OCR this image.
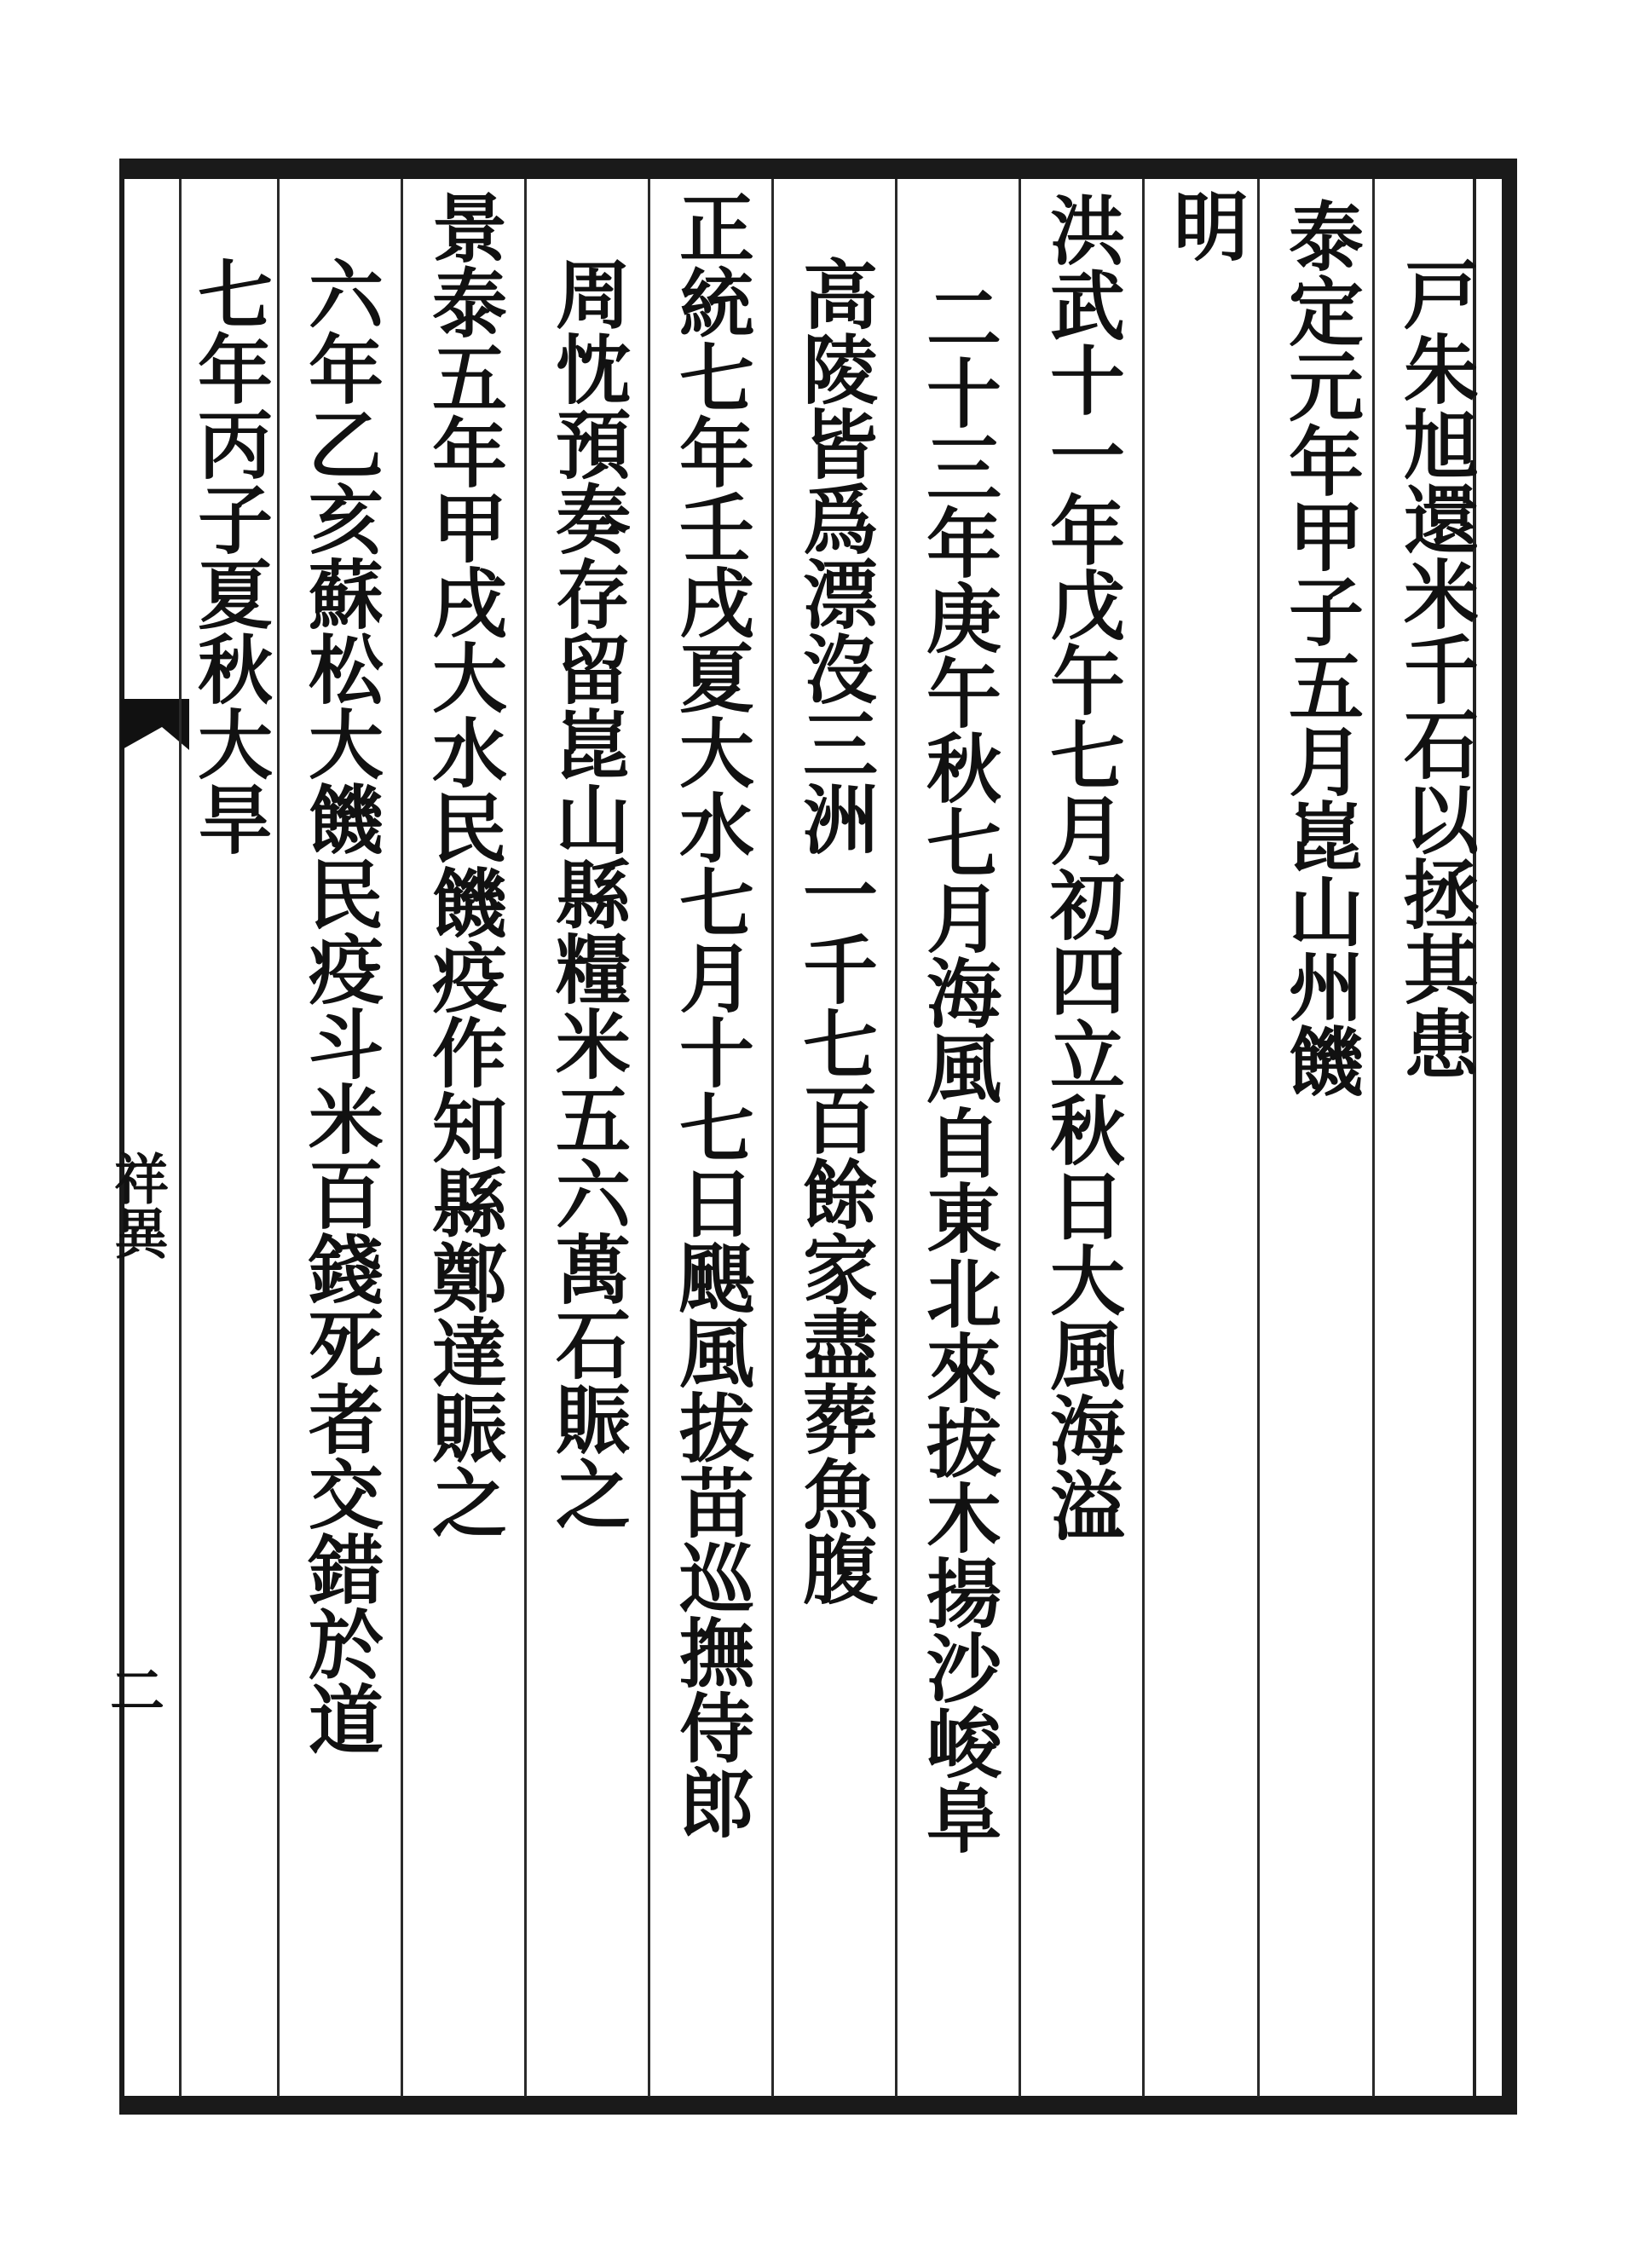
祥異
二
戸朱旭還米千石以拯其患
泰定元年甲子五月崑山州饑
明
洪武十一年戊午七月初四立秋日大風海溢
二十三年庚午秋七月海風自東北來拔木揚沙峻阜
高陵皆爲漂沒三洲一千七百餘家盡葬魚腹
正統七年壬戌夏大水七月十七日颶風拔苗巡撫侍郎
周忱預奏存留崑山縣糧米五六萬石賑之
景泰五年甲戌大水民饑疫作知縣鄭達賑之
六年乙亥蘇松大饑民疫斗米百錢死者交錯於道
七年丙子夏秋大旱
